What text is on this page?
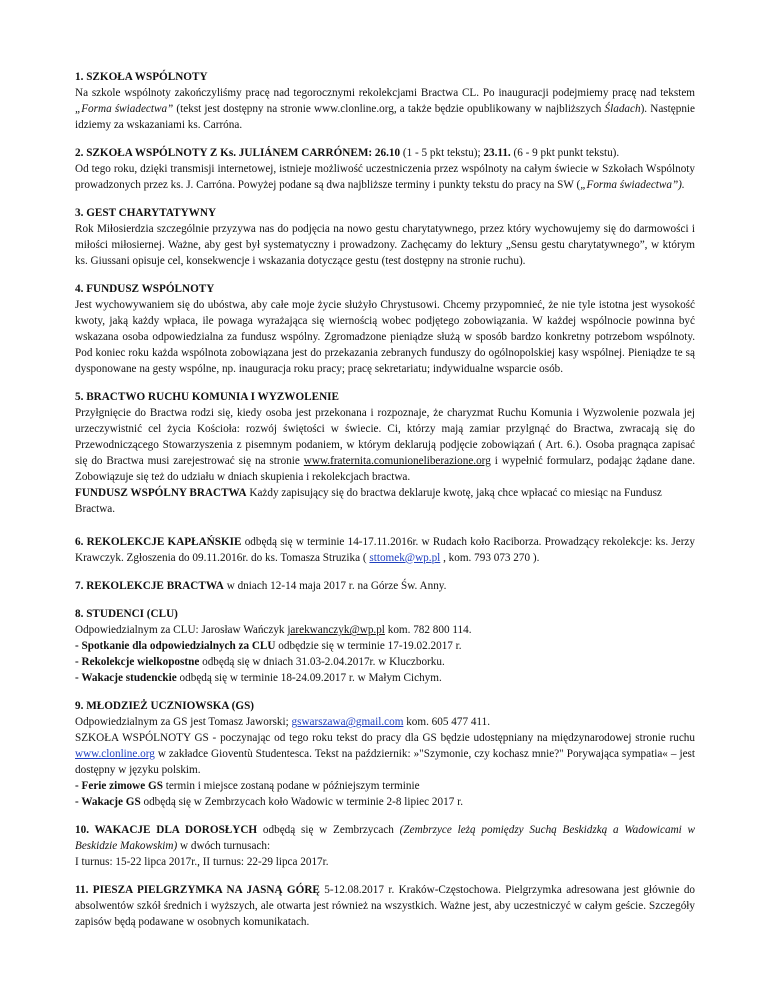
1. SZKOŁA WSPÓLNOTY

Na szkole wspólnoty zakończyliśmy pracę nad tegorocznymi rekolekcjami Bractwa CL. Po inauguracji podejmiemy pracę nad tekstem „Forma świadectwa” (tekst jest dostępny na stronie www.clonline.org, a także będzie opublikowany w najbliższych Śladach). Następnie idziemy za wskazaniami ks. Carróna.

2. SZKOŁA WSPÓLNOTY Z Ks. JULIÁNEM CARRÓNEM: 26.10 (1 - 5 pkt tekstu); 23.11. (6 - 9 pkt punkt tekstu).

Od tego roku, dzięki transmisji internetowej, istnieje możliwość uczestniczenia przez wspólnoty na całym świecie w Szkołach Wspólnoty prowadzonych przez ks. J. Carróna. Powyżej podane są dwa najbliższe terminy i punkty tekstu do pracy na SW („Forma świadectwa”).

3. GEST CHARYTATYWNY

Rok Miłosierdzia szczególnie przyzywa nas do podjęcia na nowo gestu charytatywnego, przez który wychowujemy się do darmowości i miłości miłosiernej. Ważne, aby gest był systematyczny i prowadzony. Zachęcamy do lektury „Sensu gestu charytatywnego”, w którym ks. Giussani opisuje cel, konsekwencje i wskazania dotyczące gestu (test dostępny na stronie ruchu).

4. FUNDUSZ WSPÓLNOTY

Jest wychowywaniem się do ubóstwa, aby całe moje życie służyło Chrystusowi. Chcemy przypomnieć, że nie tyle istotna jest wysokość kwoty, jaką każdy wpłaca, ile powaga wyrażająca się wiernością wobec podjętego zobowiązania. W każdej wspólnocie powinna być wskazana osoba odpowiedzialna za fundusz wspólny. Zgromadzone pieniądze służą w sposób bardzo konkretny potrzebom wspólnoty. Pod koniec roku każda wspólnota zobowiązana jest do przekazania zebranych funduszy do ogólnopolskiej kasy wspólnej. Pieniądze te są dysponowane na gesty wspólne, np. inauguracja roku pracy; pracę sekretariatu; indywidualne wsparcie osób.

5. BRACTWO RUCHU KOMUNIA I WYZWOLENIE

Przyłgnięcie do Bractwa rodzi się, kiedy osoba jest przekonana i rozpoznaje, że charyzmat Ruchu Komunia i Wyzwolenie pozwala jej urzeczywistnić cel życia Kościoła: rozwój świętości w świecie. Ci, którzy mają zamiar przylgnąć do Bractwa, zwracają się do Przewodniczącego Stowarzyszenia z pisemnym podaniem, w którym deklarują podjęcie zobowiązań ( Art. 6.). Osoba pragnąca zapisać się do Bractwa musi zarejestrować się na stronie www.fraternita.comunioneliberazione.org i wypełnić formularz, podając żądane dane. Zobowiązuje się też do udziału w dniach skupienia i rekolekcjach bractwa.

FUNDUSZ WSPÓLNY BRACTWA Każdy zapisujący się do bractwa deklaruje kwotę, jaką chce wpłacać co miesiąc na Fundusz Bractwa.

6. REKOLEKCJE KAPŁAŃSKIE odbędą się w terminie 14-17.11.2016r. w Rudach koło Raciborza. Prowadzący rekolekcje: ks. Jerzy Krawczyk. Zgłoszenia do 09.11.2016r. do ks. Tomasza Struzika ( sttomek@wp.pl , kom. 793 073 270 ).

7. REKOLEKCJE BRACTWA w dniach 12-14 maja 2017 r. na Górze Św. Anny.

8. STUDENCI (CLU)

Odpowiedzialnym za CLU: Jarosław Wańczyk jarekwanczyk@wp.pl kom. 782 800 114.

- Spotkanie dla odpowiedzialnych za CLU odbędzie się w terminie 17-19.02.2017 r.

- Rekolekcje wielkopostne odbędą się w dniach 31.03-2.04.2017r. w Kluczborku.

- Wakacje studenckie odbędą się w terminie 18-24.09.2017 r. w Małym Cichym.

9. MŁODZIEŻ UCZNIOWSKA (GS)

Odpowiedzialnym za GS jest Tomasz Jaworski; gswarszawa@gmail.com kom. 605 477 411.

SZKOŁA WSPÓLNOTY GS - poczynając od tego roku tekst do pracy dla GS będzie udostępniany na międzynarodowej stronie ruchu www.clonline.org w zakładce Gioventù Studentesca. Tekst na październik: »"Szymonie, czy kochasz mnie?" Porywająca sympatia« – jest dostępny w języku polskim.

- Ferie zimowe GS termin i miejsce zostaną podane w późniejszym terminie

- Wakacje GS odbędą się w Zembrzycach koło Wadowic w terminie 2-8 lipiec 2017 r.

10. WAKACJE DLA DOROSŁYCH odbędą się w Zembrzycach (Zembrzyce leżą pomiędzy Suchą Beskidzką a Wadowicami w Beskidzie Makowskim) w dwóch turnusach:

I turnus: 15-22 lipca 2017r., II turnus: 22-29 lipca 2017r.

11. PIESZA PIELGRZYMKA NA JASNĄ GÓRĘ 5-12.08.2017 r. Kraków-Częstochowa. Pielgrzymka adresowana jest głównie do absolwentów szkół średnich i wyższych, ale otwarta jest również na wszystkich. Ważne jest, aby uczestniczyć w całym geście. Szczegóły zapisów będą podawane w osobnych komunikatach.
